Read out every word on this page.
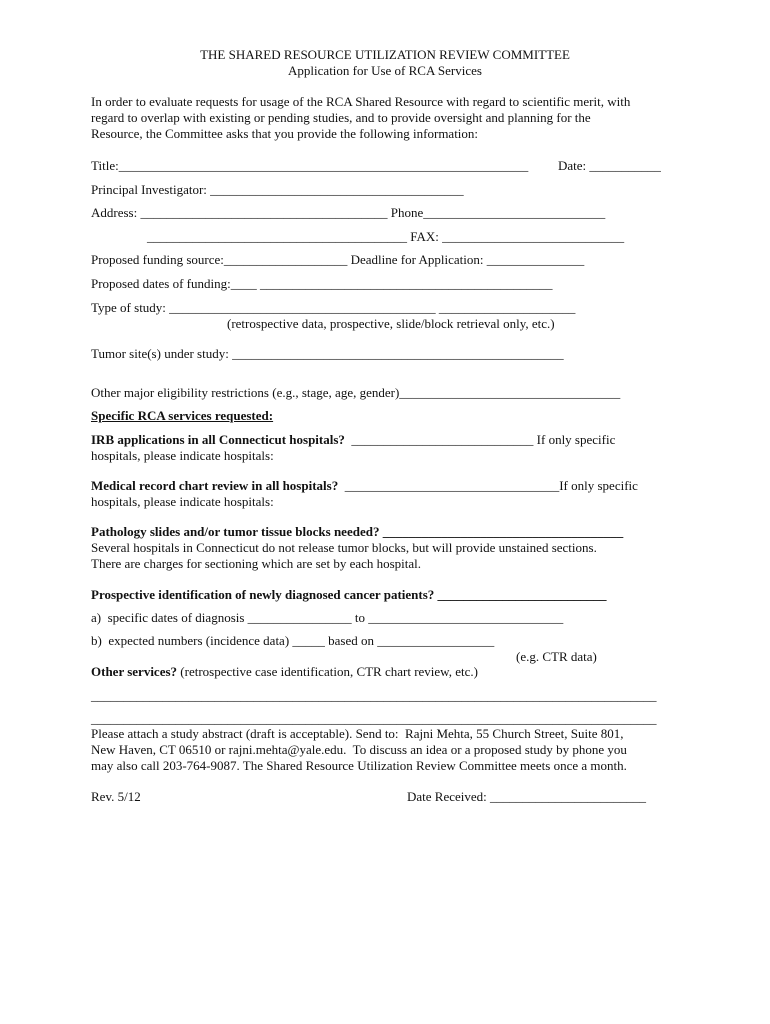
THE SHARED RESOURCE UTILIZATION REVIEW COMMITTEE
Application for Use of RCA Services
In order to evaluate requests for usage of the RCA Shared Resource with regard to scientific merit, with
regard to overlap with existing or pending studies, and to provide oversight and planning for the
Resource, the Committee asks that you provide the following information:
Title:_______________________________________________________________ Date: ___________
Principal Investigator: _______________________________________
Address: ______________________________________ Phone____________________________
________________________________________ FAX: ____________________________
Proposed funding source:___________________ Deadline for Application: _______________
Proposed dates of funding:____ _____________________________________________
Type of study: _________________________________________ _____________________
(retrospective data, prospective, slide/block retrieval only, etc.)
Tumor site(s) under study: ___________________________________________________
Other major eligibility restrictions (e.g., stage, age, gender)__________________________________
Specific RCA services requested:
IRB applications in all Connecticut hospitals?  ____________________________ If only specific
hospitals, please indicate hospitals:
Medical record chart review in all hospitals?  _________________________________If only specific
hospitals, please indicate hospitals:
Pathology slides and/or tumor tissue blocks needed? _____________________________________
Several hospitals in Connecticut do not release tumor blocks, but will provide unstained sections.
There are charges for sectioning which are set by each hospital.
Prospective identification of newly diagnosed cancer patients? __________________________
a)  specific dates of diagnosis ________________ to ______________________________
b)  expected numbers (incidence data) _____ based on __________________
(e.g. CTR data)
Other services? (retrospective case identification, CTR chart review, etc.)
_______________________________________________________________________________________
_______________________________________________________________________________________
Please attach a study abstract (draft is acceptable). Send to:  Rajni Mehta, 55 Church Street, Suite 801,
New Haven, CT 06510 or rajni.mehta@yale.edu.  To discuss an idea or a proposed study by phone you
may also call 203-764-9087. The Shared Resource Utilization Review Committee meets once a month.
Rev. 5/12	Date Received: ________________________
